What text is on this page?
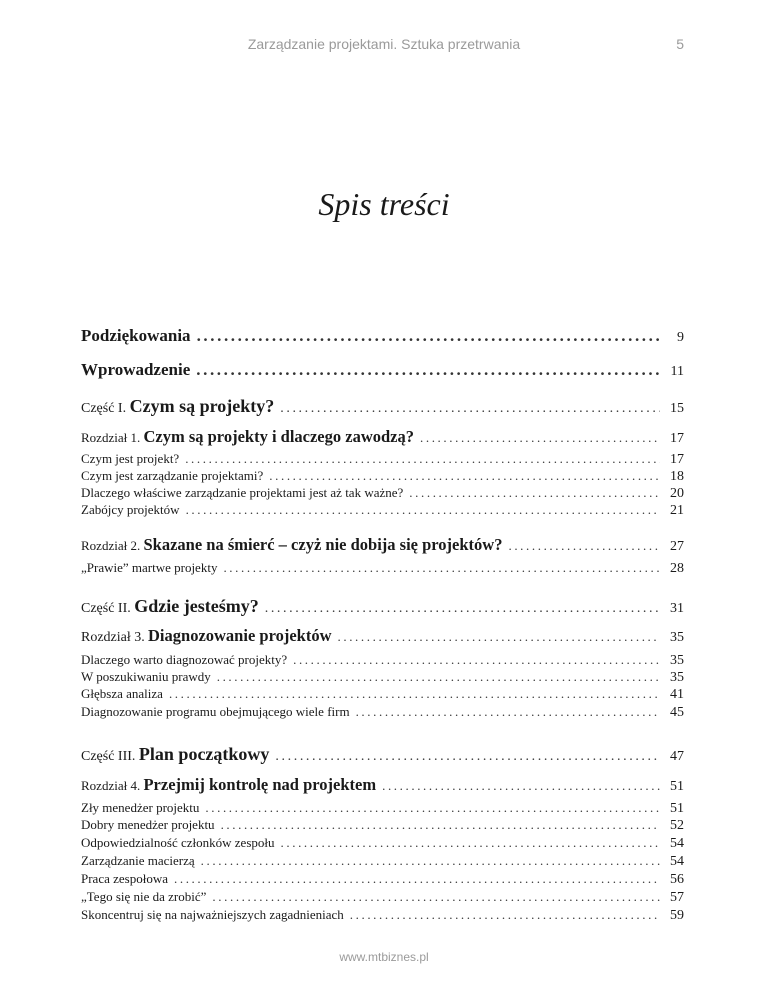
Zarządzanie projektami. Sztuka przetrwania	5
Spis treści
Podziękowania .....	9
Wprowadzenie .....	11
Część I. Czym są projekty? .....	15
Rozdział 1. Czym są projekty i dlaczego zawodzą? .....	17
Czym jest projekt? .....	17
Czym jest zarządzanie projektami? .....	18
Dlaczego właściwe zarządzanie projektami jest aż tak ważne? .....	20
Zabójcy projektów .....	21
Rozdział 2. Skazane na śmierć – czyż nie dobija się projektów? .....	27
„Prawie” martwe projekty .....	28
Część II. Gdzie jesteśmy? .....	31
Rozdział 3. Diagnozowanie projektów .....	35
Dlaczego warto diagnozować projekty? .....	35
W poszukiwaniu prawdy .....	35
Głębsza analiza .....	41
Diagnozowanie programu obejmującego wiele firm .....	45
Część III. Plan początkowy .....	47
Rozdział 4. Przejmij kontrolę nad projektem .....	51
Zły menedżer projektu .....	51
Dobry menedżer projektu .....	52
Odpowiedzialność członków zespołu .....	54
Zarządzanie macierzą .....	54
Praca zespołowa .....	56
„Tego się nie da zrobić” .....	57
Skoncentruj się na najważniejszych zagadnieniach .....	59
www.mtbiznes.pl
